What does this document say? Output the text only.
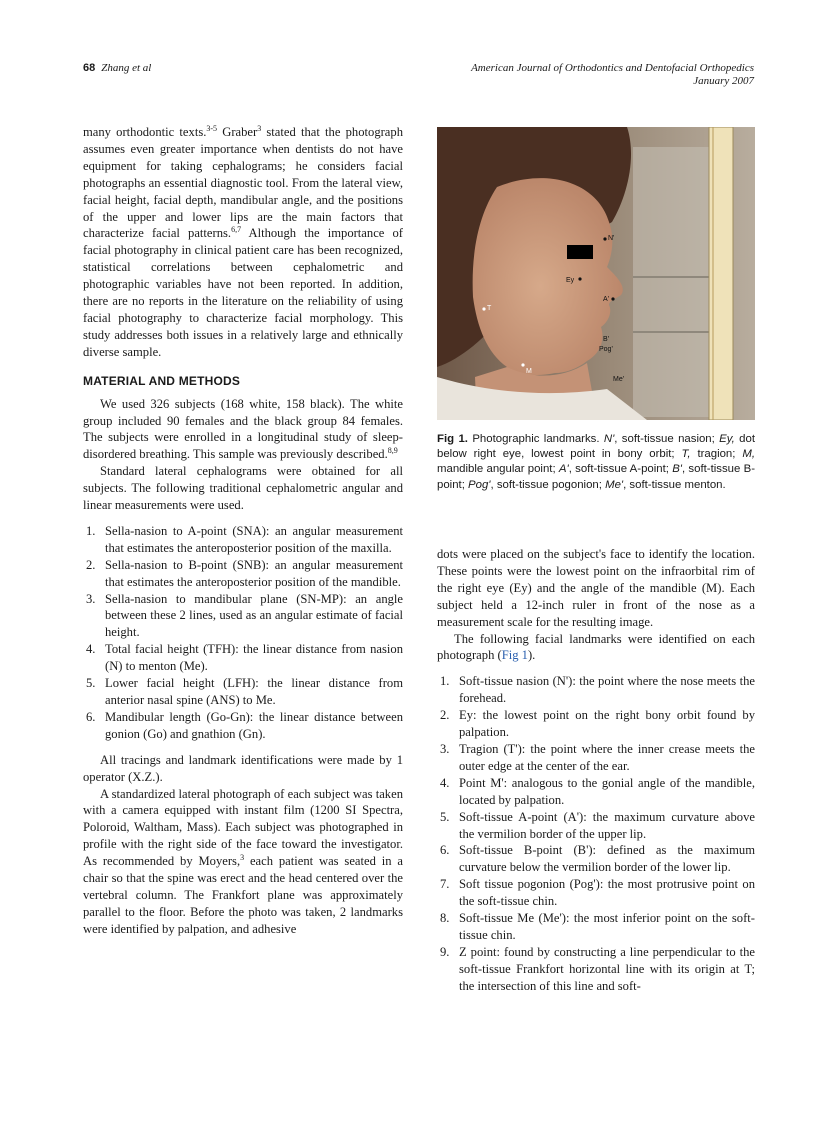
68 Zhang et al	American Journal of Orthodontics and Dentofacial Orthopedics
January 2007

many orthodontic texts.$^{3-5}$ Graber$^3$ stated that the photograph assumes even greater importance when dentists do not have equipment for taking cephalograms; he considers facial photographs an essential diagnostic tool. From the lateral view, facial height, facial depth, mandibular angle, and the positions of the upper and lower lips are the main factors that characterize facial patterns.$^{6,7}$ Although the importance of facial photography in clinical patient care has been recognized, statistical correlations between cephalometric and photographic variables have not been reported. In addition, there are no reports in the literature on the reliability of using facial photography to characterize facial morphology. This study addresses both issues in a relatively large and ethnically diverse sample.

MATERIAL AND METHODS

We used 326 subjects (168 white, 158 black). The white group included 90 females and the black group 84 females. The subjects were enrolled in a longitudinal study of sleep-disordered breathing. This sample was previously described.$^{8,9}$

Standard lateral cephalograms were obtained for all subjects. The following traditional cephalometric angular and linear measurements were used.

1. Sella-nasion to A-point (SNA): an angular measurement that estimates the anteroposterior position of the maxilla.
2. Sella-nasion to B-point (SNB): an angular measurement that estimates the anteroposterior position of the mandible.
3. Sella-nasion to mandibular plane (SN-MP): an angle between these 2 lines, used as an angular estimate of facial height.
4. Total facial height (TFH): the linear distance from nasion (N) to menton (Me).
5. Lower facial height (LFH): the linear distance from anterior nasal spine (ANS) to Me.
6. Mandibular length (Go-Gn): the linear distance between gonion (Go) and gnathion (Gn).

All tracings and landmark identifications were made by 1 operator (X.Z.).

A standardized lateral photograph of each subject was taken with a camera equipped with instant film (1200 SI Spectra, Poloroid, Waltham, Mass). Each subject was photographed in profile with the right side of the face toward the investigator. As recommended by Moyers,$^3$ each patient was seated in a chair so that the spine was erect and the head centered over the vertebral column. The Frankfort plane was approximately parallel to the floor. Before the photo was taken, 2 landmarks were identified by palpation, and adhesive

N'
Ey
A'
T
B'
Pog'
M
Me'
Fig 1. Photographic landmarks. N', soft-tissue nasion; Ey, dot below right eye, lowest point in bony orbit; T, tragion; M, mandible angular point; A', soft-tissue A-point; B', soft-tissue B-point; Pog', soft-tissue pogonion; Me', soft-tissue menton.

dots were placed on the subject's face to identify the location. These points were the lowest point on the infraorbital rim of the right eye (Ey) and the angle of the mandible (M). Each subject held a 12-inch ruler in front of the nose as a measurement scale for the resulting image.

The following facial landmarks were identified on each photograph (Fig 1).

1. Soft-tissue nasion (N'): the point where the nose meets the forehead.
2. Ey: the lowest point on the right bony orbit found by palpation.
3. Tragion (T'): the point where the inner crease meets the outer edge at the center of the ear.
4. Point M': analogous to the gonial angle of the mandible, located by palpation.
5. Soft-tissue A-point (A'): the maximum curvature above the vermilion border of the upper lip.
6. Soft-tissue B-point (B'): defined as the maximum curvature below the vermilion border of the lower lip.
7. Soft tissue pogonion (Pog'): the most protrusive point on the soft-tissue chin.
8. Soft-tissue Me (Me'): the most inferior point on the soft-tissue chin.
9. Z point: found by constructing a line perpendicular to the soft-tissue Frankfort horizontal line with its origin at T; the intersection of this line and soft-
